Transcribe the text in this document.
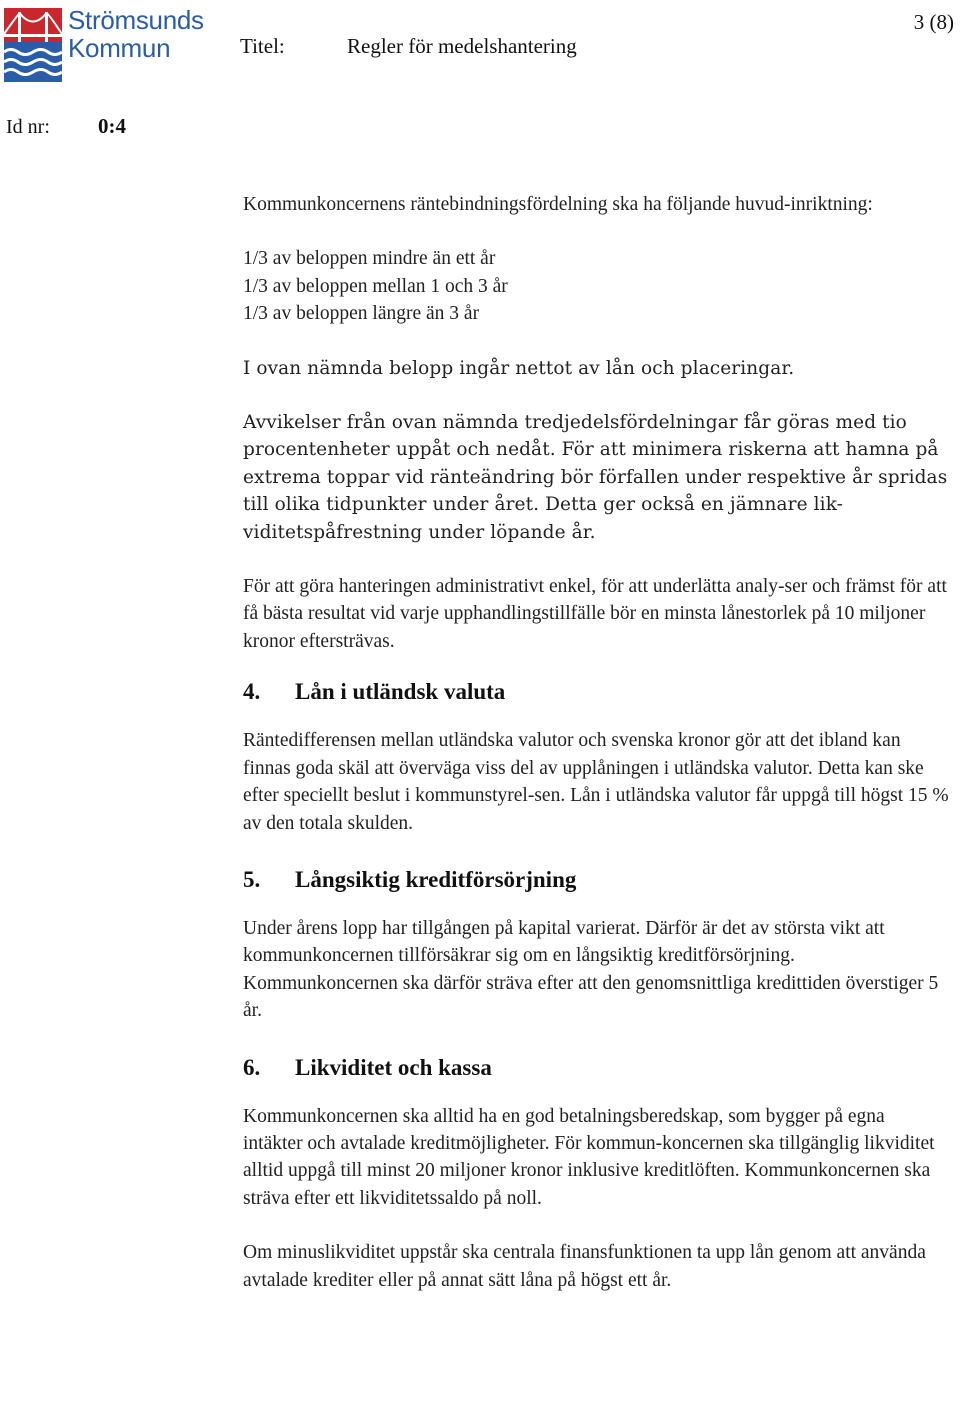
Strömsunds
Kommun	Titel:	Regler för medelshantering
3 (8)
Id nr: 0:4

Kommunkoncernens räntebindningsfördelning ska ha följande huvud-inriktning:

1/3 av beloppen mindre än ett år

1/3 av beloppen mellan 1 och 3 år

1/3 av beloppen längre än 3 år

I ovan nämnda belopp ingår nettot av lån och placeringar.

Avvikelser från ovan nämnda tredjedelsfördelningar får göras med tio procentenheter uppåt och nedåt. För att minimera riskerna att hamna på extrema toppar vid ränteändring bör förfallen under respektive år spridas till olika tidpunkter under året. Detta ger också en jämnare lik-viditetspåfrestning under löpande år.

För att göra hanteringen administrativt enkel, för att underlätta analy-ser och främst för att få bästa resultat vid varje upphandlingstillfälle bör en minsta lånestorlek på 10 miljoner kronor eftersträvas.

4. Lån i utländsk valuta

Räntedifferensen mellan utländska valutor och svenska kronor gör att det ibland kan finnas goda skäl att överväga viss del av upplåningen i utländska valutor. Detta kan ske efter speciellt beslut i kommunstyrel-sen. Lån i utländska valutor får uppgå till högst 15 % av den totala skulden.

5. Långsiktig kreditförsörjning

Under årens lopp har tillgången på kapital varierat. Därför är det av största vikt att kommunkoncernen tillförsäkrar sig om en långsiktig kreditförsörjning. Kommunkoncernen ska därför sträva efter att den genomsnittliga kredittiden överstiger 5 år.

6. Likviditet och kassa

Kommunkoncernen ska alltid ha en god betalningsberedskap, som bygger på egna intäkter och avtalade kreditmöjligheter. För kommun-koncernen ska tillgänglig likviditet alltid uppgå till minst 20 miljoner kronor inklusive kreditlöften. Kommunkoncernen ska sträva efter ett likviditetssaldo på noll.

Om minuslikviditet uppstår ska centrala finansfunktionen ta upp lån genom att använda avtalade krediter eller på annat sätt låna på högst ett år.
